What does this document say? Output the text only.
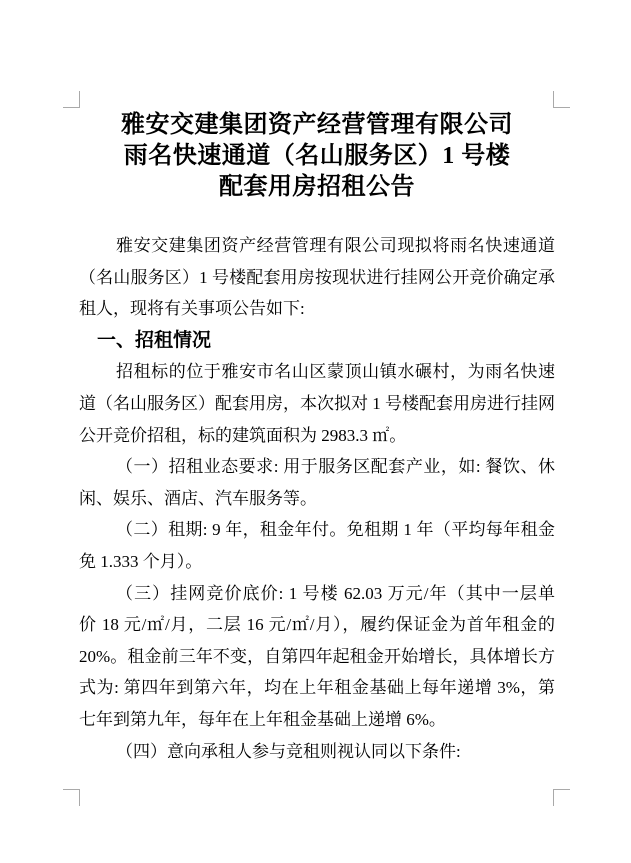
雅安交建集团资产经营管理有限公司
雨名快速通道（名山服务区）1 号楼
配套用房招租公告
雅安交建集团资产经营管理有限公司现拟将雨名快速通道
（名山服务区）1 号楼配套用房按现状进行挂网公开竞价确定承
租人，现将有关事项公告如下:
一、招租情况
招租标的位于雅安市名山区蒙顶山镇水碾村，为雨名快速
道（名山服务区）配套用房，本次拟对 1 号楼配套用房进行挂网
公开竞价招租，标的建筑面积为 2983.3 ㎡。
（一）招租业态要求: 用于服务区配套产业，如: 餐饮、休
闲、娱乐、酒店、汽车服务等。
（二）租期: 9 年，租金年付。免租期 1 年（平均每年租金
免 1.333 个月）。
（三）挂网竞价底价: 1 号楼 62.03 万元/年（其中一层单
价 18 元/㎡/月，二层 16 元/㎡/月），履约保证金为首年租金的
20%。租金前三年不变，自第四年起租金开始增长，具体增长方
式为: 第四年到第六年，均在上年租金基础上每年递增 3%，第
七年到第九年，每年在上年租金基础上递增 6%。
（四）意向承租人参与竞租则视认同以下条件:
